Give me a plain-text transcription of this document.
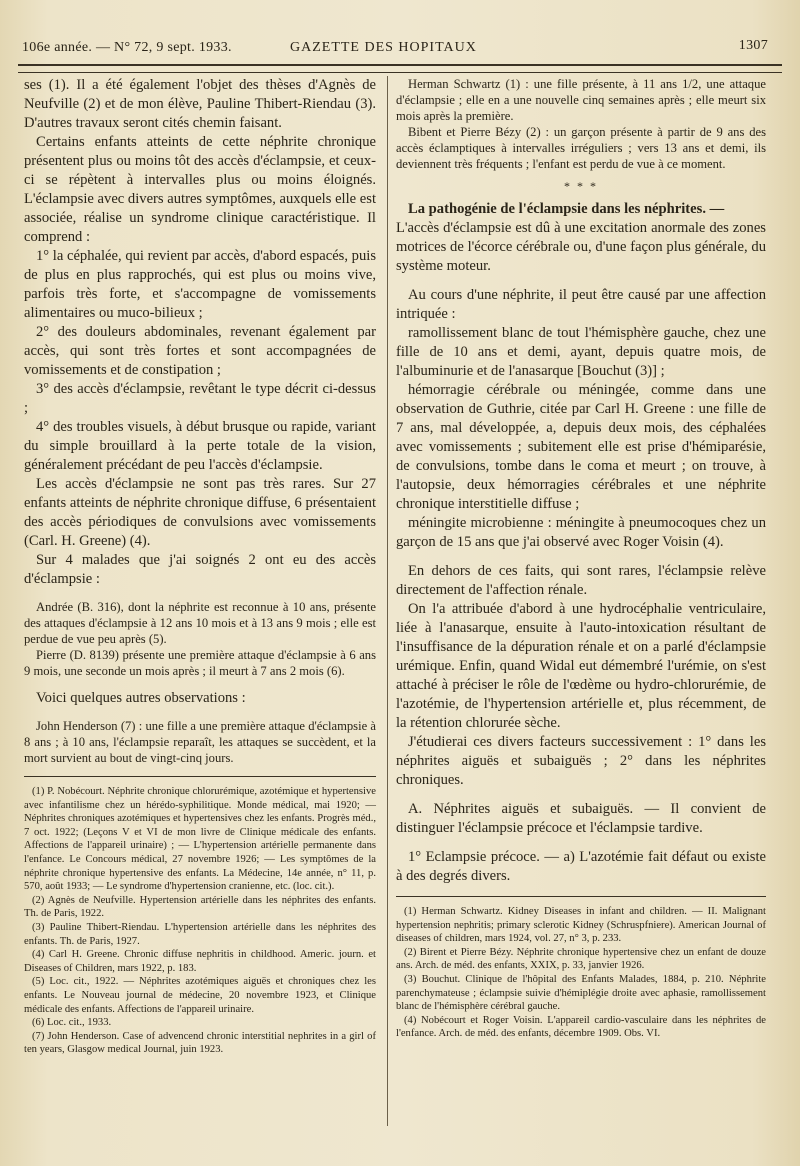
106e année. — N° 72, 9 sept. 1933.	GAZETTE DES HOPITAUX	1307

ses (1). Il a été également l'objet des thèses d'Agnès de Neufville (2) et de mon élève, Pauline Thibert-Riendau (3). D'autres travaux seront cités chemin faisant.

Certains enfants atteints de cette néphrite chronique présentent plus ou moins tôt des accès d'éclampsie, et ceux-ci se répètent à intervalles plus ou moins éloignés. L'éclampsie avec divers autres symptômes, auxquels elle est associée, réalise un syndrome clinique caractéristique. Il comprend :

1° la céphalée, qui revient par accès, d'abord espacés, puis de plus en plus rapprochés, qui est plus ou moins vive, parfois très forte, et s'accompagne de vomissements alimentaires ou muco-bilieux ;

2° des douleurs abdominales, revenant également par accès, qui sont très fortes et sont accompagnées de vomissements et de constipation ;

3° des accès d'éclampsie, revêtant le type décrit ci-dessus ;

4° des troubles visuels, à début brusque ou rapide, variant du simple brouillard à la perte totale de la vision, généralement précédant de peu l'accès d'éclampsie.

Les accès d'éclampsie ne sont pas très rares. Sur 27 enfants atteints de néphrite chronique diffuse, 6 présentaient des accès périodiques de convulsions avec vomissements (Carl. H. Greene) (4).

Sur 4 malades que j'ai soignés 2 ont eu des accès d'éclampsie :

Andrée (B. 316), dont la néphrite est reconnue à 10 ans, présente des attaques d'éclampsie à 12 ans 10 mois et à 13 ans 9 mois ; elle est perdue de vue peu après (5).

Pierre (D. 8139) présente une première attaque d'éclampsie à 6 ans 9 mois, une seconde un mois après ; il meurt à 7 ans 2 mois (6).

Voici quelques autres observations :

John Henderson (7) : une fille a une première attaque d'éclampsie à 8 ans ; à 10 ans, l'éclampsie reparaît, les attaques se succèdent, et la mort survient au bout de vingt-cinq jours.

(1) P. Nobécourt. Néphrite chronique chlorurémique, azotémique et hypertensive avec infantilisme chez un hérédo-syphilitique. Monde médical, mai 1920; — Néphrites chroniques azotémiques et hypertensives chez les enfants. Progrès méd., 7 oct. 1922; (Leçons V et VI de mon livre de Clinique médicale des enfants. Affections de l'appareil urinaire) ; — L'hypertension artérielle permanente dans l'enfance. Le Concours médical, 27 novembre 1926; — Les symptômes de la néphrite chronique hypertensive des enfants. La Médecine, 14e année, n° 11, p. 570, août 1933; — Le syndrome d'hypertension cranienne, etc. (loc. cit.).

(2) Agnès de Neufville. Hypertension artérielle dans les néphrites des enfants. Th. de Paris, 1922.

(3) Pauline Thibert-Riendau. L'hypertension artérielle dans les néphrites des enfants. Th. de Paris, 1927.

(4) Carl H. Greene. Chronic diffuse nephritis in childhood. Americ. journ. et Diseases of Children, mars 1922, p. 183.

(5) Loc. cit., 1922. — Néphrites azotémiques aiguës et chroniques chez les enfants. Le Nouveau journal de médecine, 20 novembre 1923, et Clinique médicale des enfants. Affections de l'appareil urinaire.

(6) Loc. cit., 1933.

(7) John Henderson. Case of advencend chronic interstitial nephrites in a girl of ten years, Glasgow medical Journal, juin 1923.

Herman Schwartz (1) : une fille présente, à 11 ans 1/2, une attaque d'éclampsie ; elle en a une nouvelle cinq semaines après ; elle meurt six mois après la première.

Bibent et Pierre Bézy (2) : un garçon présente à partir de 9 ans des accès éclamptiques à intervalles irréguliers ; vers 13 ans et demi, ils deviennent très fréquents ; l'enfant est perdu de vue à ce moment.

* * *

La pathogénie de l'éclampsie dans les néphrites. —

L'accès d'éclampsie est dû à une excitation anormale des zones motrices de l'écorce cérébrale ou, d'une façon plus générale, du système moteur.

Au cours d'une néphrite, il peut être causé par une affection intriquée :

ramollissement blanc de tout l'hémisphère gauche, chez une fille de 10 ans et demi, ayant, depuis quatre mois, de l'albuminurie et de l'anasarque [Bouchut (3)] ;

hémorragie cérébrale ou méningée, comme dans une observation de Guthrie, citée par Carl H. Greene : une fille de 7 ans, mal développée, a, depuis deux mois, des céphalées avec vomissements ; subitement elle est prise d'hémiparésie, de convulsions, tombe dans le coma et meurt ; on trouve, à l'autopsie, deux hémorragies cérébrales et une néphrite chronique interstitielle diffuse ;

méningite microbienne : méningite à pneumocoques chez un garçon de 15 ans que j'ai observé avec Roger Voisin (4).

En dehors de ces faits, qui sont rares, l'éclampsie relève directement de l'affection rénale.

On l'a attribuée d'abord à une hydrocéphalie ventriculaire, liée à l'anasarque, ensuite à l'auto-intoxication résultant de l'insuffisance de la dépuration rénale et on a parlé d'éclampsie urémique. Enfin, quand Widal eut démembré l'urémie, on s'est attaché à préciser le rôle de l'œdème ou hydro-chlorurémie, de l'azotémie, de l'hypertension artérielle et, plus récemment, de la rétention chlorurée sèche.

J'étudierai ces divers facteurs successivement : 1° dans les néphrites aiguës et subaiguës ; 2° dans les néphrites chroniques.

A. Néphrites aiguës et subaiguës. — Il convient de distinguer l'éclampsie précoce et l'éclampsie tardive.

1° Eclampsie précoce. — a) L'azotémie fait défaut ou existe à des degrés divers.

(1) Herman Schwartz. Kidney Diseases in infant and children. — II. Malignant hypertension nephritis; primary sclerotic Kidney (Schruspfniere). American Journal of diseases of children, mars 1924, vol. 27, n° 3, p. 233.

(2) Birent et Pierre Bézy. Néphrite chronique hypertensive chez un enfant de douze ans. Arch. de méd. des enfants, XXIX, p. 33, janvier 1926.

(3) Bouchut. Clinique de l'hôpital des Enfants Malades, 1884, p. 210. Néphrite parenchymateuse ; éclampsie suivie d'hémiplégie droite avec aphasie, ramollissement blanc de l'hémisphère cérébral gauche.

(4) Nobécourt et Roger Voisin. L'appareil cardio-vasculaire dans les néphrites de l'enfance. Arch. de méd. des enfants, décembre 1909. Obs. VI.
